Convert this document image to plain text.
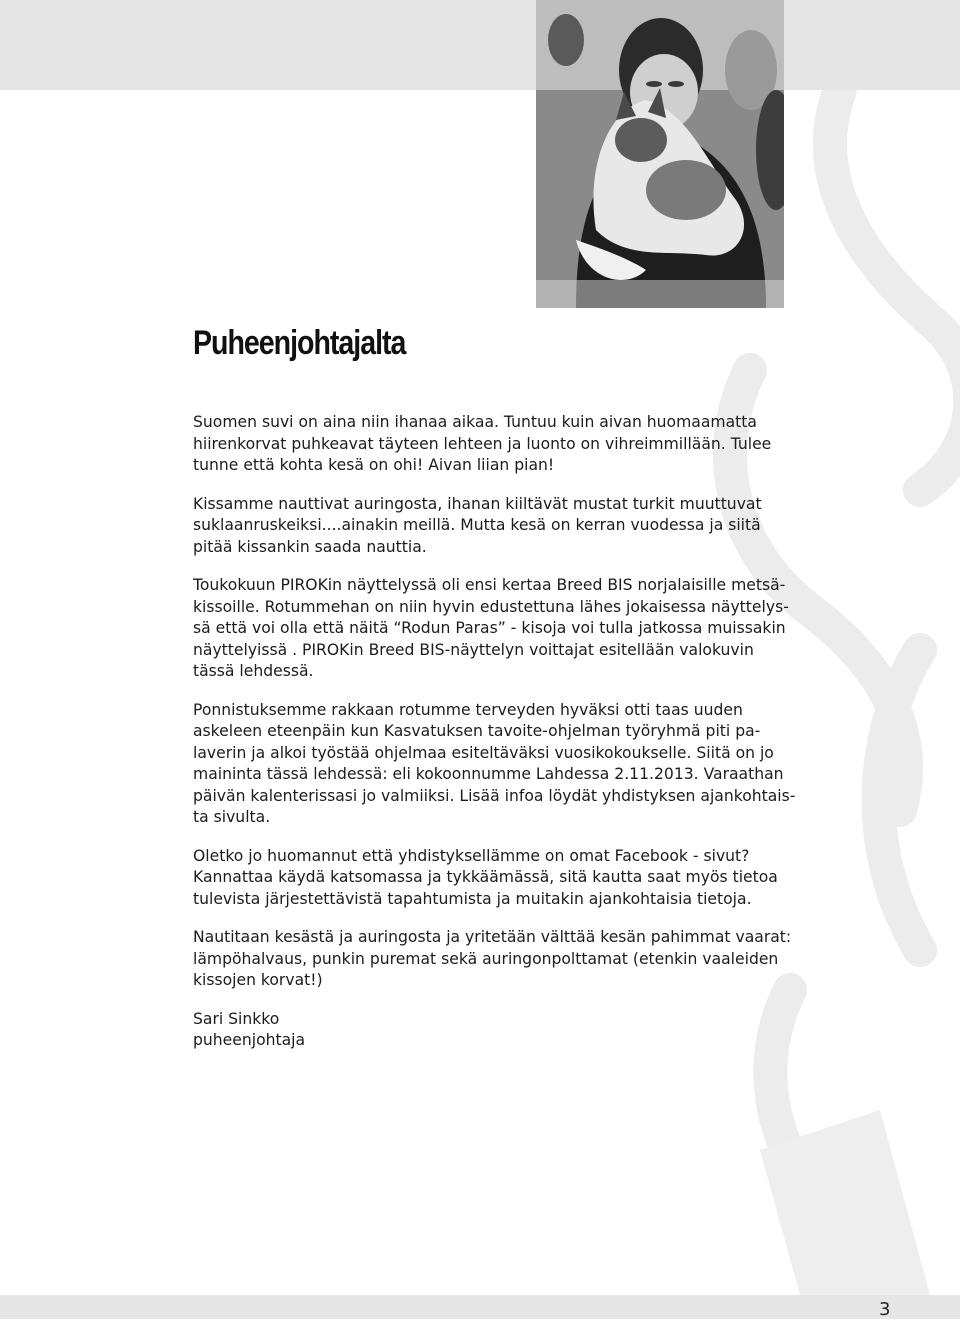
Puheenjohtajalta

Suomen suvi on aina niin ihanaa aikaa. Tuntuu kuin aivan huomaamatta
hiirenkorvat puhkeavat täyteen lehteen ja luonto on vihreimmillään. Tulee
tunne että kohta kesä on ohi! Aivan liian pian!

Kissamme nauttivat auringosta, ihanan kiiltävät mustat turkit muuttuvat
suklaanruskeiksi....ainakin meillä. Mutta kesä on kerran vuodessa ja siitä
pitää kissankin saada nauttia.

Toukokuun PIROKin näyttelyssä oli ensi kertaa Breed BIS norjalaisille metsä-
kissoille. Rotummehan on niin hyvin edustettuna lähes jokaisessa näyttelys-
sä että voi olla että näitä “Rodun Paras” - kisoja voi tulla jatkossa muissakin
näyttelyissä . PIROKin Breed BIS-näyttelyn voittajat esitellään valokuvin
tässä lehdessä.

Ponnistuksemme rakkaan rotumme terveyden hyväksi otti taas uuden
askeleen eteenpäin kun Kasvatuksen tavoite-ohjelman työryhmä piti pa-
laverin ja alkoi työstää ohjelmaa esiteltäväksi vuosikokoukselle. Siitä on jo
maininta tässä lehdessä: eli kokoonnumme Lahdessa 2.11.2013. Varaathan
päivän kalenterissasi jo valmiiksi. Lisää infoa löydät yhdistyksen ajankohtais-
ta sivulta.

Oletko jo huomannut että yhdistyksellämme on omat Facebook - sivut?
Kannattaa käydä katsomassa ja tykkäämässä, sitä kautta saat myös tietoa
tulevista järjestettävistä tapahtumista ja muitakin ajankohtaisia tietoja.

Nautitaan kesästä ja auringosta ja yritetään välttää kesän pahimmat vaarat:
lämpöhalvaus, punkin puremat sekä auringonpolttamat (etenkin vaaleiden
kissojen korvat!)

Sari Sinkko
puheenjohtaja

3
